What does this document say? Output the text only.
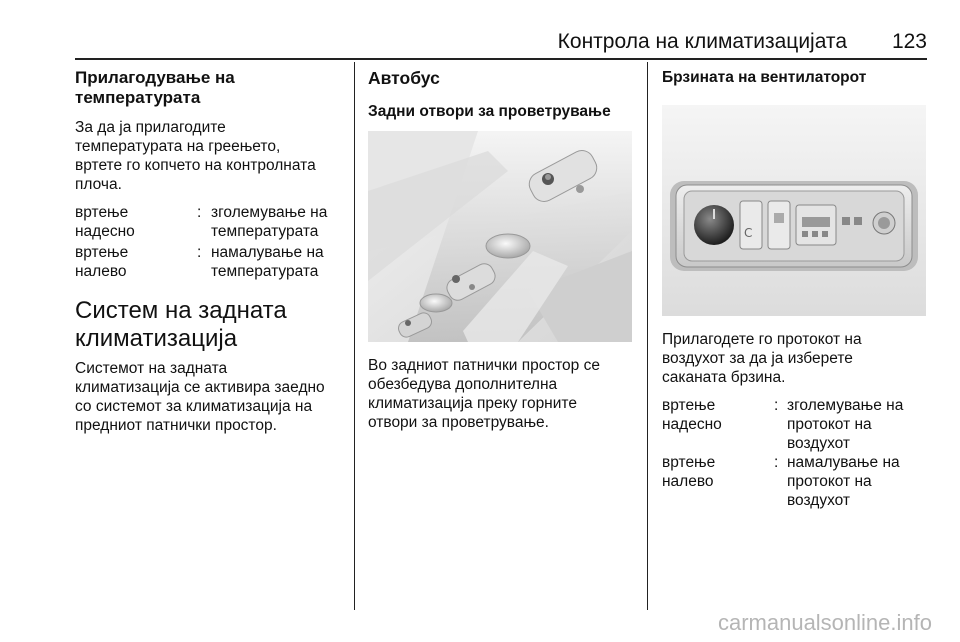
Контрола на климатизацијата 123
Прилагодување на
температурата
За да ја прилагодите
температурата на греењето,
вртете го копчето на контролната
плоча.
вртење
надесно
: зголемување на
температурата
вртење
налево
: намалување на
температурата
Систем на задната
климатизација
Системот на задната
климатизација се активира заедно
со системот за климатизација на
предниот патнички простор.
Автобус
Задни отвори за проветрување
Во задниот патнички простор се
обезбедува дополнителна
климатизација преку горните
отвори за проветрување.
Брзината на вентилаторот
C
Прилагодете го протокот на
воздухот за да ја изберете
саканата брзина.
вртење
надесно
: зголемување на
протокот на
воздухот
вртење
налево
: намалување на
протокот на
воздухот
carmanualsonline.info
